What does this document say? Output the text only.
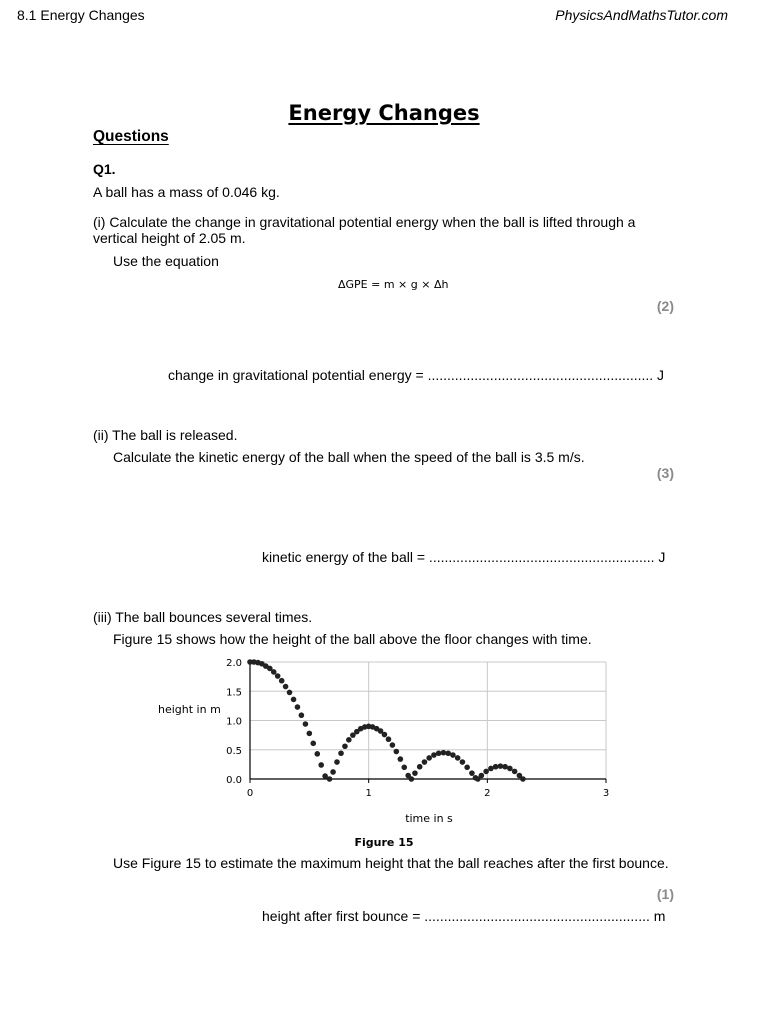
8.1 Energy Changes	PhysicsAndMathsTutor.com
Energy Changes
Questions
Q1.
A ball has a mass of 0.046 kg.
(i) Calculate the change in gravitational potential energy when the ball is lifted through a vertical height of 2.05 m.
Use the equation
ΔGPE = m × g × Δh
(2)
change in gravitational potential energy = .......................................................... J
(ii) The ball is released.
Calculate the kinetic energy of the ball when the speed of the ball is 3.5 m/s.
(3)
kinetic energy of the ball = .......................................................... J
(iii) The ball bounces several times.
Figure 15 shows how the height of the ball above the floor changes with time.
0.0
0.5
1.0
1.5
2.0
0	1	2	3
height in m
time in s
Figure 15
Use Figure 15 to estimate the maximum height that the ball reaches after the first bounce.
(1)
height after first bounce = .......................................................... m
